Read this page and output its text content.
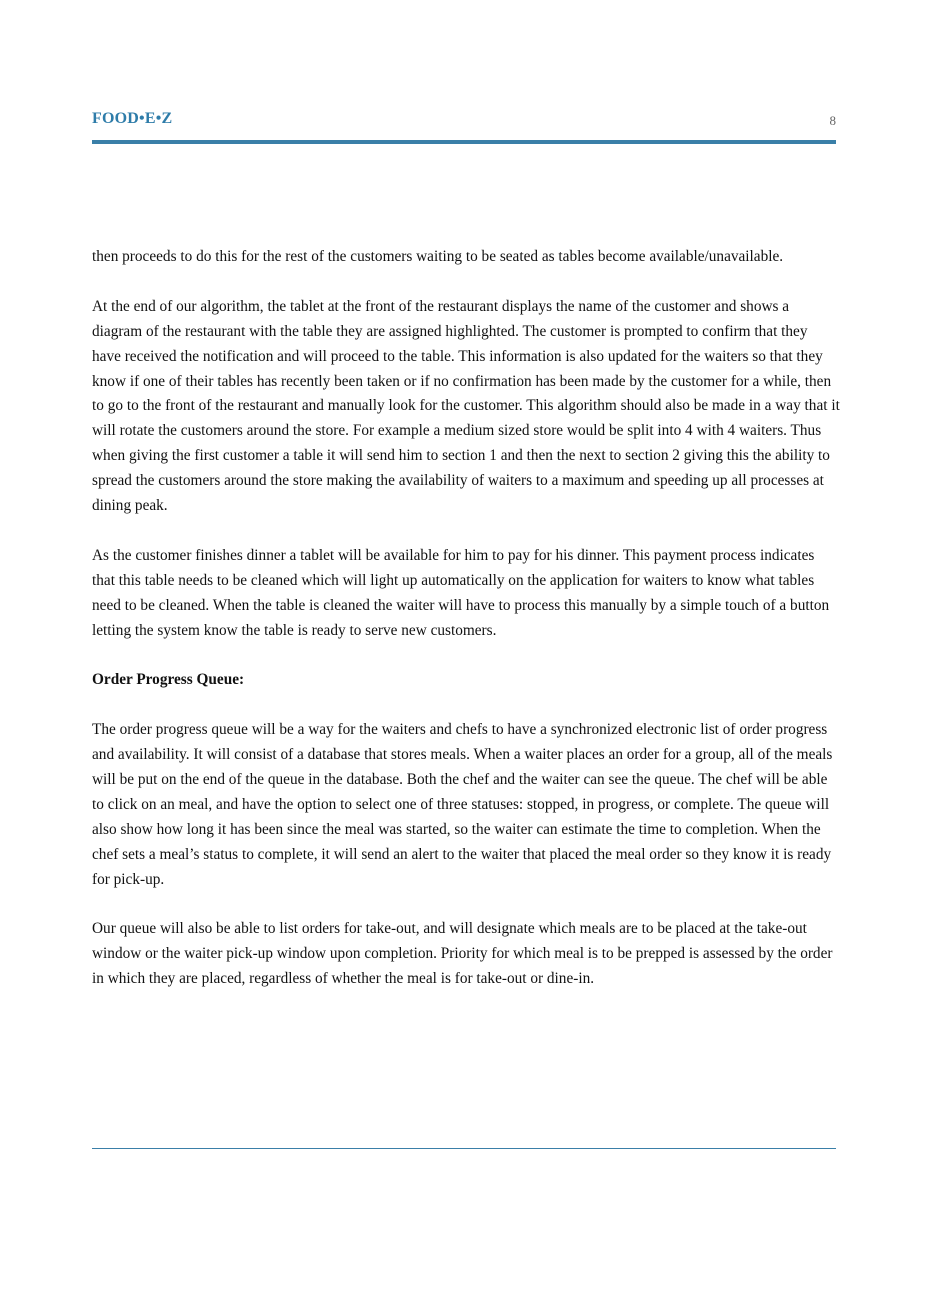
FOOD•E•Z	8

then proceeds to do this for the rest of the customers waiting to be seated as tables become available/unavailable.

At the end of our algorithm, the tablet at the front of the restaurant displays the name of the customer and shows a diagram of the restaurant with the table they are assigned highlighted. The customer is prompted to confirm that they have received the notification and will proceed to the table. This information is also updated for the waiters so that they know if one of their tables has recently been taken or if no confirmation has been made by the customer for a while, then to go to the front of the restaurant and manually look for the customer. This algorithm should also be made in a way that it will rotate the customers around the store. For example a medium sized store would be split into 4 with 4 waiters. Thus when giving the first customer a table it will send him to section 1 and then the next to section 2 giving this the ability to spread the customers around the store making the availability of waiters to a maximum and speeding up all processes at dining peak.

As the customer finishes dinner a tablet will be available for him to pay for his dinner. This payment process indicates that this table needs to be cleaned which will light up automatically on the application for waiters to know what tables need to be cleaned. When the table is cleaned the waiter will have to process this manually by a simple touch of a button letting the system know the table is ready to serve new customers.

Order Progress Queue:

The order progress queue will be a way for the waiters and chefs to have a synchronized electronic list of order progress and availability. It will consist of a database that stores meals. When a waiter places an order for a group, all of the meals will be put on the end of the queue in the database. Both the chef and the waiter can see the queue. The chef will be able to click on an meal, and have the option to select one of three statuses: stopped, in progress, or complete. The queue will also show how long it has been since the meal was started, so the waiter can estimate the time to completion. When the chef sets a meal’s status to complete, it will send an alert to the waiter that placed the meal order so they know it is ready for pick-up.

Our queue will also be able to list orders for take-out, and will designate which meals are to be placed at the take-out window or the waiter pick-up window upon completion. Priority for which meal is to be prepped is assessed by the order in which they are placed, regardless of whether the meal is for take-out or dine-in.
